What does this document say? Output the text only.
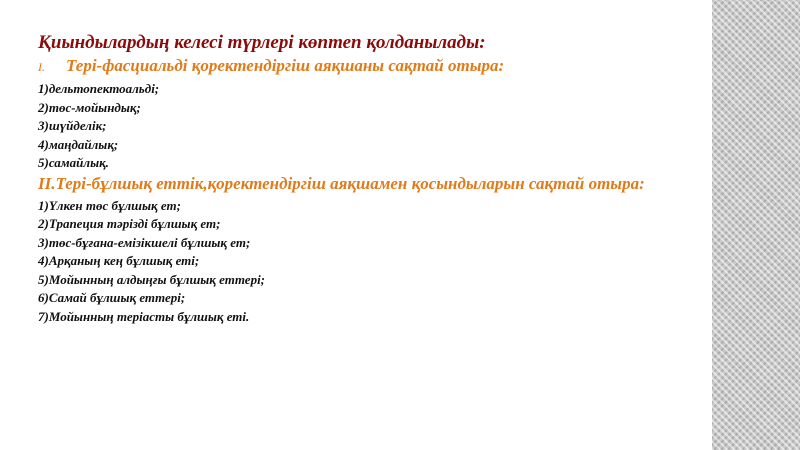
Қиындылардың келесі түрлері көптеп қолданылады:
I.	Тері-фасциальді қоректендіргіш аяқшаны сақтай отыра:
1)дельтопектоальді;
2)төс-мойындық;
3)шүйделік;
4)маңдайлық;
5)самайлық.
II.Тері-бұлшық еттік,қоректендіргіш аяқшамен қосындыларын сақтай отыра:
1)Үлкен төс бұлшық ет;
2)Трапеция тәрізді бұлшық ет;
3)төс-бұғана-емізікшелі бұлшық ет;
4)Арқаның кең бұлшық еті;
5)Мойынның алдыңғы бұлшық еттері;
6)Самай бұлшық еттері;
7)Мойынның теріасты бұлшық еті.
